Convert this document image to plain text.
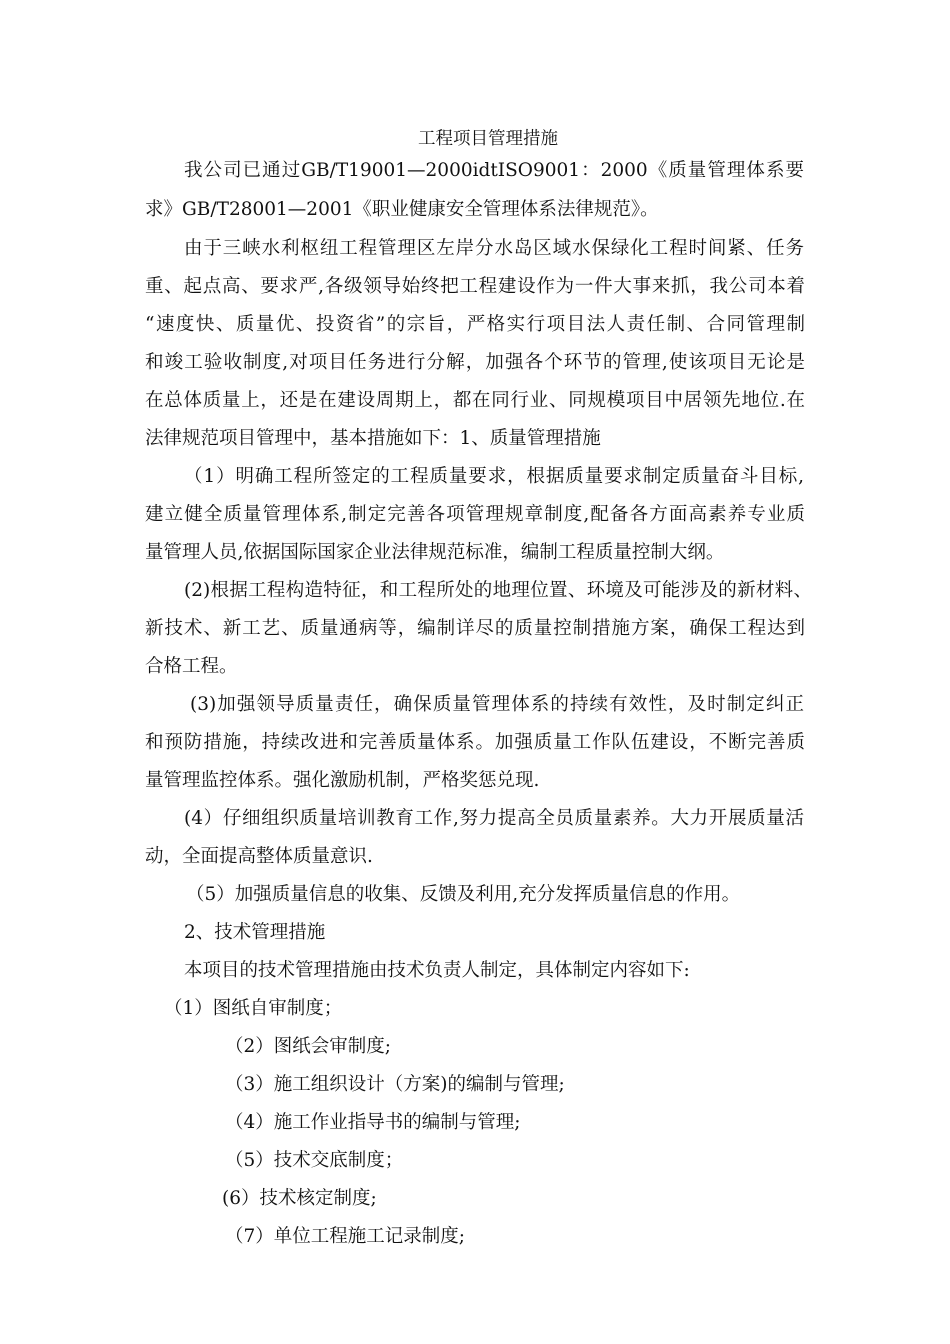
工程项目管理措施
我公司已通过GB/T19001—2000idtISO9001：2000《质量管理体系要
求》GB/T28001—2001《职业健康安全管理体系法律规范》。
由于三峡水利枢纽工程管理区左岸分水岛区域水保绿化工程时间紧、任务
重、起点高、要求严,各级领导始终把工程建设作为一件大事来抓，我公司本着
“速度快、质量优、投资省”的宗旨，严格实行项目法人责任制、合同管理制
和竣工验收制度,对项目任务进行分解，加强各个环节的管理,使该项目无论是
在总体质量上，还是在建设周期上，都在同行业、同规模项目中居领先地位.在
法律规范项目管理中，基本措施如下：1、质量管理措施
（1）明确工程所签定的工程质量要求，根据质量要求制定质量奋斗目标,
建立健全质量管理体系,制定完善各项管理规章制度,配备各方面高素养专业质
量管理人员,依据国际国家企业法律规范标准，编制工程质量控制大纲。
(2)根据工程构造特征，和工程所处的地理位置、环境及可能涉及的新材料、
新技术、新工艺、质量通病等，编制详尽的质量控制措施方案，确保工程达到
合格工程。
(3)加强领导质量责任，确保质量管理体系的持续有效性，及时制定纠正
和预防措施，持续改进和完善质量体系。加强质量工作队伍建设，不断完善质
量管理监控体系。强化激励机制，严格奖惩兑现.
(4）仔细组织质量培训教育工作,努力提高全员质量素养。大力开展质量活
动，全面提高整体质量意识.
（5）加强质量信息的收集、反馈及利用,充分发挥质量信息的作用。
2、技术管理措施
本项目的技术管理措施由技术负责人制定，具体制定内容如下:
（1）图纸自审制度；
（2）图纸会审制度;
（3）施工组织设计（方案)的编制与管理;
（4）施工作业指导书的编制与管理;
（5）技术交底制度；
(6）技术核定制度;
（7）单位工程施工记录制度;
